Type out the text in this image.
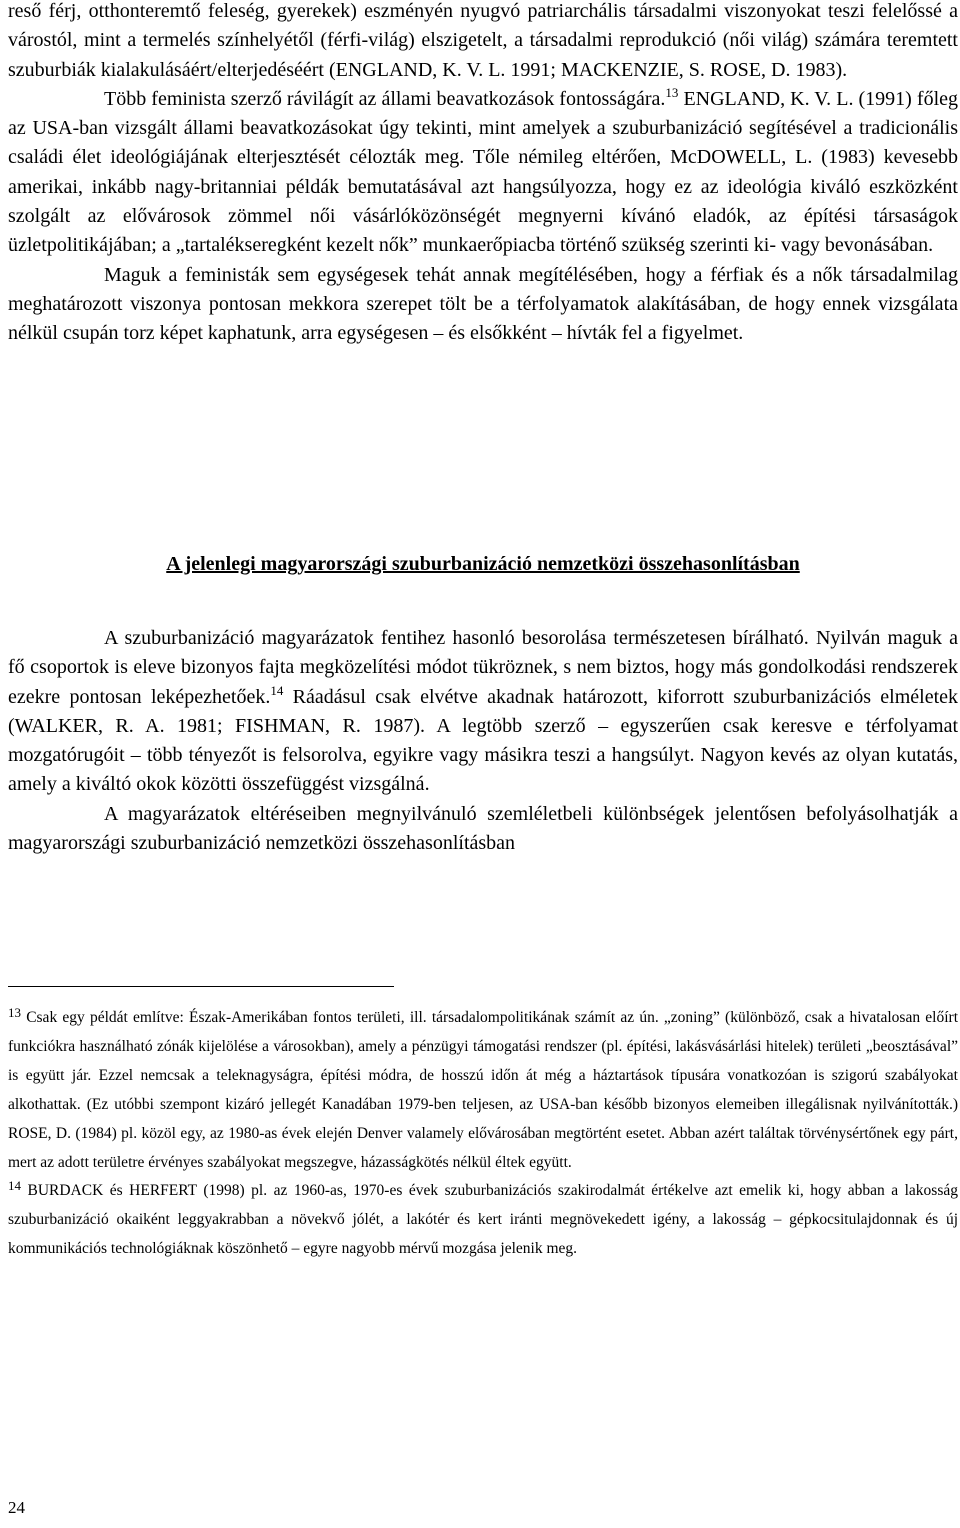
reső férj, otthonteremtő feleség, gyerekek) eszményén nyugvó patriarchális társadalmi viszonyokat teszi felelőssé a várostól, mint a termelés színhelyétől (férfi-világ) elszigetelt, a társadalmi reprodukció (női világ) számára teremtett szuburbiák kialakulásáért/elterjedéséért (ENGLAND, K. V. L. 1991; MACKENZIE, S. ROSE, D. 1983).

Több feminista szerző rávilágít az állami beavatkozások fontosságára.$^{13}$ ENGLAND, K. V. L. (1991) főleg az USA-ban vizsgált állami beavatkozásokat úgy tekinti, mint amelyek a szuburbanizáció segítésével a tradicionális családi élet ideológiájának elterjesztését célozták meg. Tőle némileg eltérően, McDOWELL, L. (1983) kevesebb amerikai, inkább nagy-britanniai példák bemutatásával azt hangsúlyozza, hogy ez az ideológia kiváló eszközként szolgált az elővárosok zömmel női vásárlóközönségét megnyerni kívánó eladók, az építési társaságok üzletpolitikájában; a „tartalékseregként kezelt nők” munkaerőpiacba történő szükség szerinti ki- vagy bevonásában.

Maguk a feministák sem egységesek tehát annak megítélésében, hogy a férfiak és a nők társadalmilag meghatározott viszonya pontosan mekkora szerepet tölt be a térfolyamatok alakításában, de hogy ennek vizsgálata nélkül csupán torz képet kaphatunk, arra egységesen – és elsőkként – hívták fel a figyelmet.

A jelenlegi magyarországi szuburbanizáció nemzetközi összehasonlításban

A szuburbanizáció magyarázatok fentihez hasonló besorolása természetesen bírálható. Nyilván maguk a fő csoportok is eleve bizonyos fajta megközelítési módot tükröznek, s nem biztos, hogy más gondolkodási rendszerek ezekre pontosan leképezhetőek.$^{14}$ Ráadásul csak elvétve akadnak határozott, kiforrott szuburbanizációs elméletek (WALKER, R. A. 1981; FISHMAN, R. 1987). A legtöbb szerző – egyszerűen csak keresve e térfolyamat mozgatórugóit – több tényezőt is felsorolva, egyikre vagy másikra teszi a hangsúlyt. Nagyon kevés az olyan kutatás, amely a kiváltó okok közötti összefüggést vizsgálná.

A magyarázatok eltéréseiben megnyilvánuló szemléletbeli különbségek jelentősen befolyásolhatják a magyarországi szuburbanizáció nemzetközi összehasonlításban

$^{13}$ Csak egy példát említve: Észak-Amerikában fontos területi, ill. társadalompolitikának számít az ún. „zoning” (különböző, csak a hivatalosan előírt funkciókra használható zónák kijelölése a városokban), amely a pénzügyi támogatási rendszer (pl. építési, lakásvásárlási hitelek) területi „beosztásával” is együtt jár. Ezzel nemcsak a teleknagyságra, építési módra, de hosszú időn át még a háztartások típusára vonatkozóan is szigorú szabályokat alkothattak. (Ez utóbbi szempont kizáró jellegét Kanadában 1979-ben teljesen, az USA-ban később bizonyos elemeiben illegálisnak nyilvánították.) ROSE, D. (1984) pl. közöl egy, az 1980-as évek elején Denver valamely elővárosában megtörtént esetet. Abban azért találtak törvénysértőnek egy párt, mert az adott területre érvényes szabályokat megszegve, házasságkötés nélkül éltek együtt.

$^{14}$ BURDACK és HERFERT (1998) pl. az 1960-as, 1970-es évek szuburbanizációs szakirodalmát értékelve azt emelik ki, hogy abban a lakosság szuburbanizáció okaiként leggyakrabban a növekvő jólét, a lakótér és kert iránti megnövekedett igény, a lakosság – gépkocsitulajdonnak és új kommunikációs technológiáknak köszönhető – egyre nagyobb mérvű mozgása jelenik meg.

24
